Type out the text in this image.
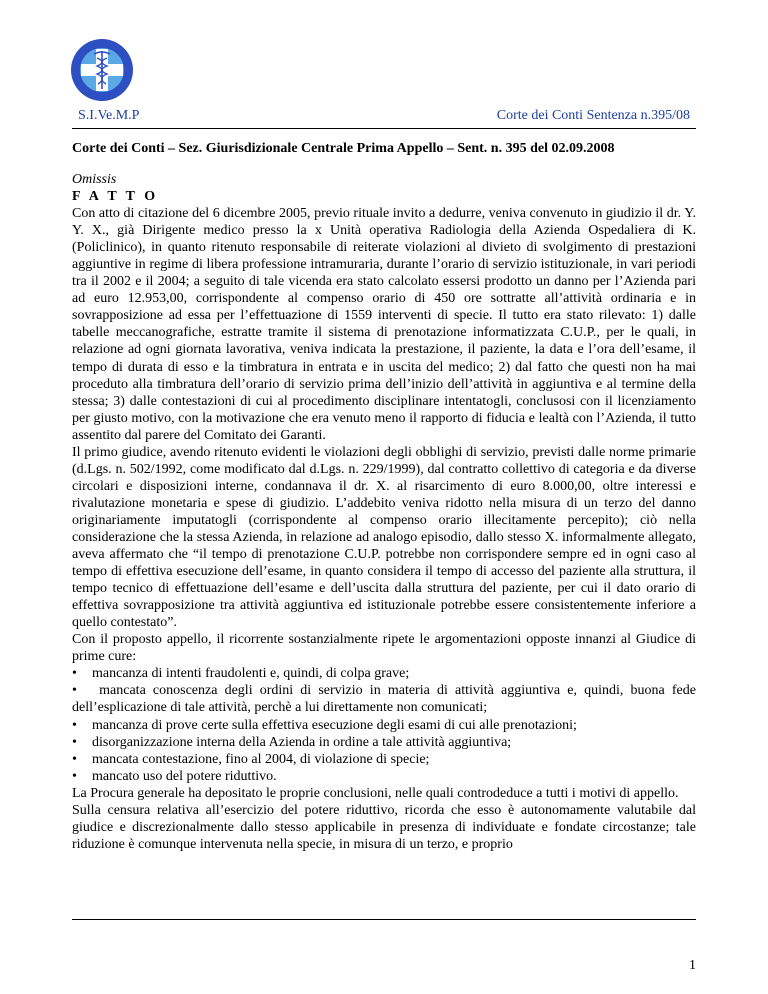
S.I.Ve.M.P	Corte dei Conti Sentenza n.395/08
Corte dei Conti – Sez. Giurisdizionale Centrale Prima Appello – Sent. n. 395 del 02.09.2008

Omissis

F A T T O

Con atto di citazione del 6 dicembre 2005, previo rituale invito a dedurre, veniva convenuto in giudizio il dr. Y. Y. X., già Dirigente medico presso la x Unità operativa Radiologia della Azienda Ospedaliera di K. (Policlinico), in quanto ritenuto responsabile di reiterate violazioni al divieto di svolgimento di prestazioni aggiuntive in regime di libera professione intramuraria, durante l’orario di servizio istituzionale, in vari periodi tra il 2002 e il 2004; a seguito di tale vicenda era stato calcolato essersi prodotto un danno per l’Azienda pari ad euro 12.953,00, corrispondente al compenso orario di 450 ore sottratte all’attività ordinaria e in sovrapposizione ad essa per l’effettuazione di 1559 interventi di specie. Il tutto era stato rilevato: 1) dalle tabelle meccanografiche, estratte tramite il sistema di prenotazione informatizzata C.U.P., per le quali, in relazione ad ogni giornata lavorativa, veniva indicata la prestazione, il paziente, la data e l’ora dell’esame, il tempo di durata di esso e la timbratura in entrata e in uscita del medico; 2) dal fatto che questi non ha mai proceduto alla timbratura dell’orario di servizio prima dell’inizio dell’attività in aggiuntiva e al termine della stessa; 3) dalle contestazioni di cui al procedimento disciplinare intentatogli, conclusosi con il licenziamento per giusto motivo, con la motivazione che era venuto meno il rapporto di fiducia e lealtà con l’Azienda, il tutto assentito dal parere del Comitato dei Garanti.

Il primo giudice, avendo ritenuto evidenti le violazioni degli obblighi di servizio, previsti dalle norme primarie (d.Lgs. n. 502/1992, come modificato dal d.Lgs. n. 229/1999), dal contratto collettivo di categoria e da diverse circolari e disposizioni interne, condannava il dr. X. al risarcimento di euro 8.000,00, oltre interessi e rivalutazione monetaria e spese di giudizio. L’addebito veniva ridotto nella misura di un terzo del danno originariamente imputatogli (corrispondente al compenso orario illecitamente percepito); ciò nella considerazione che la stessa Azienda, in relazione ad analogo episodio, dallo stesso X. informalmente allegato, aveva affermato che “il tempo di prenotazione C.U.P. potrebbe non corrispondere sempre ed in ogni caso al tempo di effettiva esecuzione dell’esame, in quanto considera il tempo di accesso del paziente alla struttura, il tempo tecnico di effettuazione dell’esame e dell’uscita dalla struttura del paziente, per cui il dato orario di effettiva sovrapposizione tra attività aggiuntiva ed istituzionale potrebbe essere consistentemente inferiore a quello contestato”.

Con il proposto appello, il ricorrente sostanzialmente ripete le argomentazioni opposte innanzi al Giudice di prime cure:

• mancanza di intenti fraudolenti e, quindi, di colpa grave;
• mancata conoscenza degli ordini di servizio in materia di attività aggiuntiva e, quindi, buona fede dell’esplicazione di tale attività, perchè a lui direttamente non comunicati;
• mancanza di prove certe sulla effettiva esecuzione degli esami di cui alle prenotazioni;
• disorganizzazione interna della Azienda in ordine a tale attività aggiuntiva;
• mancata contestazione, fino al 2004, di violazione di specie;
• mancato uso del potere riduttivo.

La Procura generale ha depositato le proprie conclusioni, nelle quali controdeduce a tutti i motivi di appello.

Sulla censura relativa all’esercizio del potere riduttivo, ricorda che esso è autonomamente valutabile dal giudice e discrezionalmente dallo stesso applicabile in presenza di individuate e fondate circostanze; tale riduzione è comunque intervenuta nella specie, in misura di un terzo, e proprio

1
